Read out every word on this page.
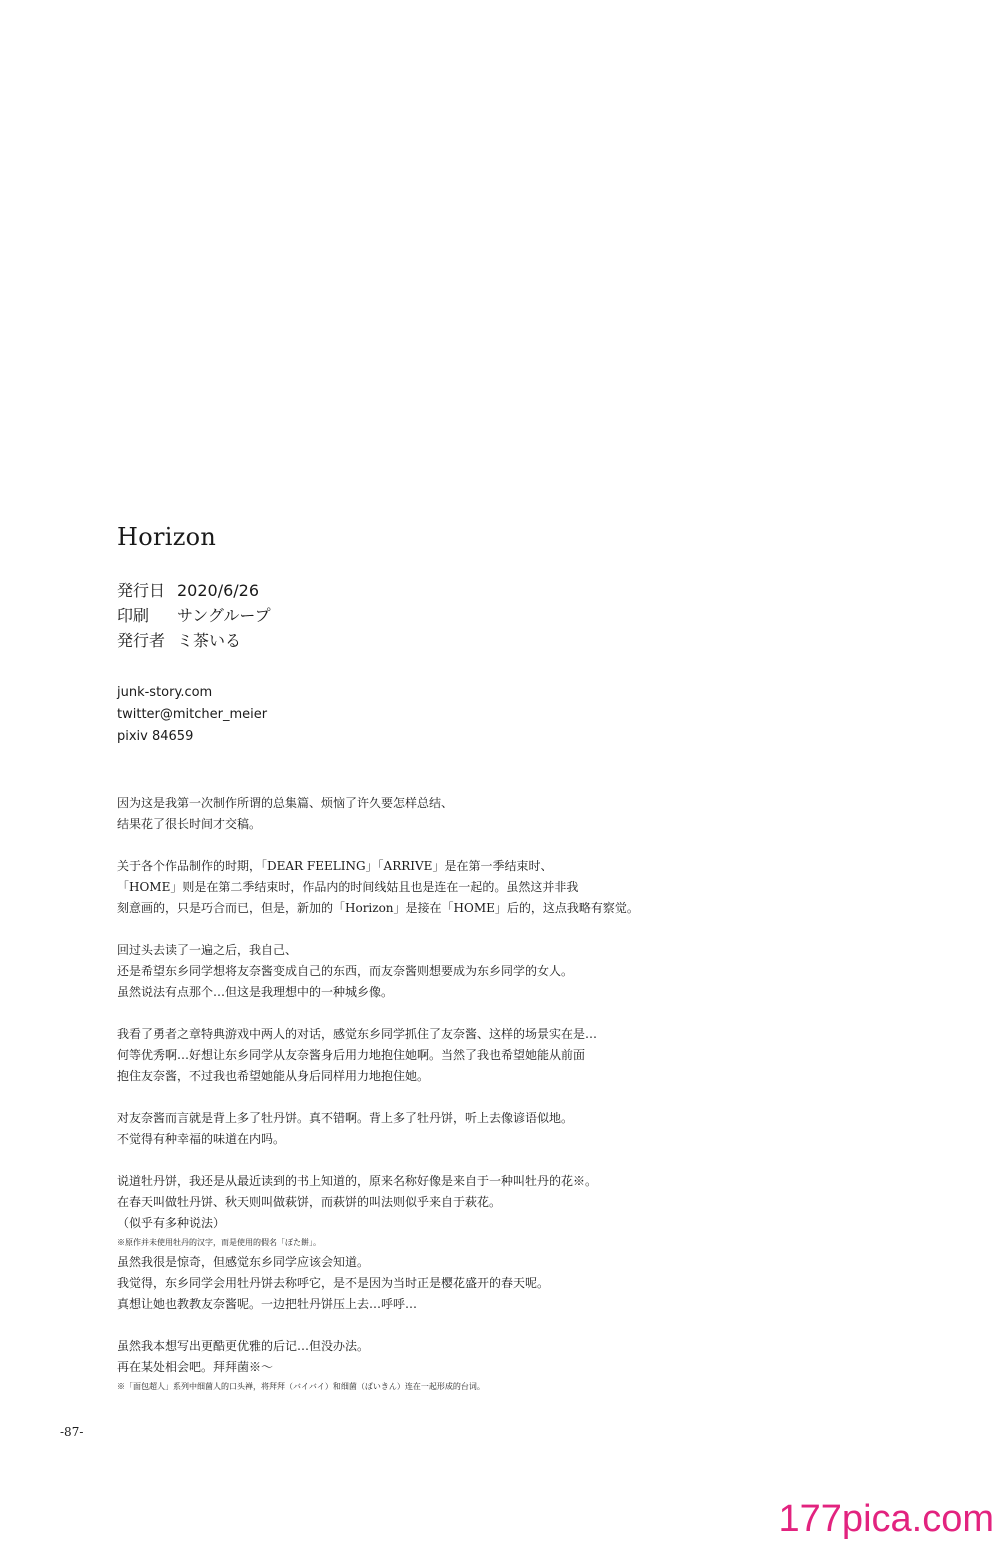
Horizon
発行日 2020/6/26
印刷 サングループ
発行者 ミ茶いる
junk-story.com
twitter@mitcher_meier
pixiv 84659
因为这是我第一次制作所谓的总集篇、烦恼了许久要怎样总结、
结果花了很长时间才交稿。
关于各个作品制作的时期，「DEAR FEELING」「ARRIVE」是在第一季结束时、
「HOME」则是在第二季结束时，作品内的时间线姑且也是连在一起的。虽然这并非我
刻意画的，只是巧合而已，但是，新加的「Horizon」是接在「HOME」后的，这点我略有察觉。
回过头去读了一遍之后，我自己、
还是希望东乡同学想将友奈酱变成自己的东西，而友奈酱则想要成为东乡同学的女人。
虽然说法有点那个…但这是我理想中的一种城乡像。
我看了勇者之章特典游戏中两人的对话，感觉东乡同学抓住了友奈酱、这样的场景实在是…
何等优秀啊…好想让东乡同学从友奈酱身后用力地抱住她啊。当然了我也希望她能从前面
抱住友奈酱，不过我也希望她能从身后同样用力地抱住她。
对友奈酱而言就是背上多了牡丹饼。真不错啊。背上多了牡丹饼，听上去像谚语似地。
不觉得有种幸福的味道在内吗。
说道牡丹饼，我还是从最近读到的书上知道的，原来名称好像是来自于一种叫牡丹的花※。
在春天叫做牡丹饼、秋天则叫做萩饼，而萩饼的叫法则似乎来自于萩花。
（似乎有多种说法）
※原作并未使用牡丹的汉字，而是使用的假名「ぼた餅」。
虽然我很是惊奇，但感觉东乡同学应该会知道。
我觉得，东乡同学会用牡丹饼去称呼它，是不是因为当时正是樱花盛开的春天呢。
真想让她也教教友奈酱呢。一边把牡丹饼压上去…呼呼…
虽然我本想写出更酷更优雅的后记…但没办法。
再在某处相会吧。拜拜菌※～
※「面包超人」系列中细菌人的口头禅，将拜拜（バイバイ）和细菌（ばいきん）连在一起形成的台词。
-87-
177pica.com
